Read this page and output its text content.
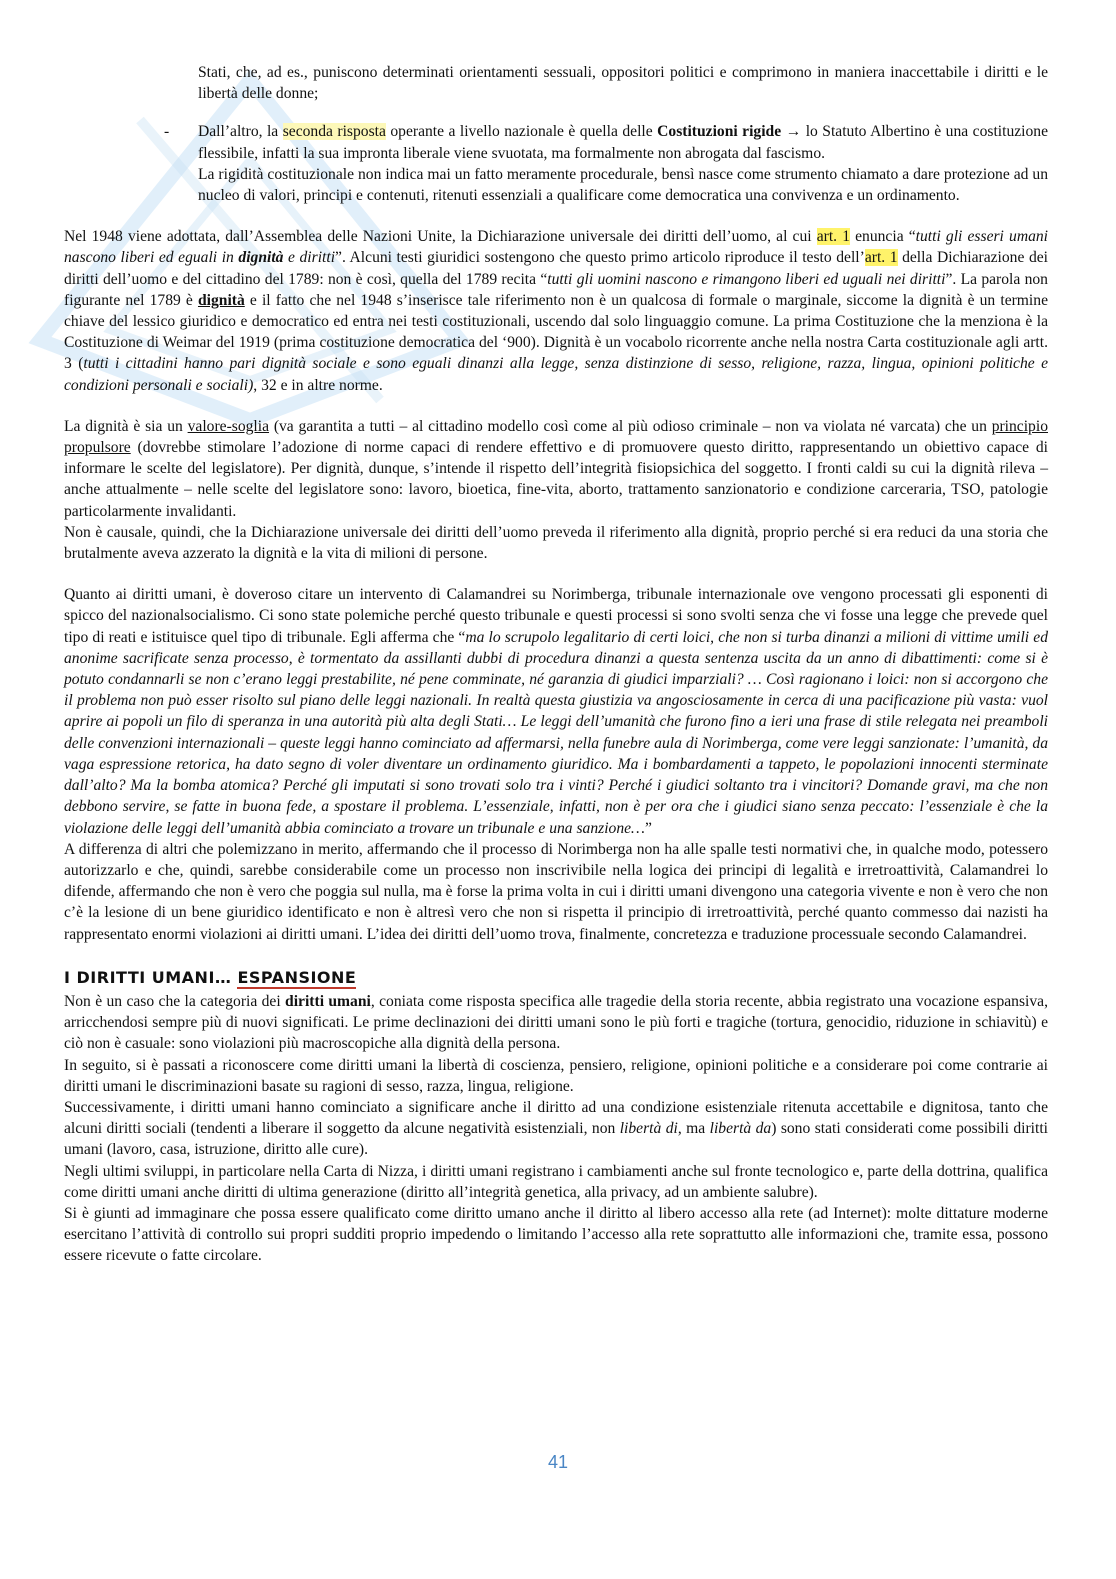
Stati, che, ad es., puniscono determinati orientamenti sessuali, oppositori politici e comprimono in maniera inaccettabile i diritti e le libertà delle donne;

- Dall’altro, la seconda risposta operante a livello nazionale è quella delle Costituzioni rigide → lo Statuto Albertino è una costituzione flessibile, infatti la sua impronta liberale viene svuotata, ma formalmente non abrogata dal fascismo.

La rigidità costituzionale non indica mai un fatto meramente procedurale, bensì nasce come strumento chiamato a dare protezione ad un nucleo di valori, principi e contenuti, ritenuti essenziali a qualificare come democratica una convivenza e un ordinamento.

Nel 1948 viene adottata, dall’Assemblea delle Nazioni Unite, la Dichiarazione universale dei diritti dell’uomo, al cui art. 1 enuncia “tutti gli esseri umani nascono liberi ed eguali in dignità e diritti”. Alcuni testi giuridici sostengono che questo primo articolo riproduce il testo dell’art. 1 della Dichiarazione dei diritti dell’uomo e del cittadino del 1789: non è così, quella del 1789 recita “tutti gli uomini nascono e rimangono liberi ed uguali nei diritti”. La parola non figurante nel 1789 è dignità e il fatto che nel 1948 s’inserisce tale riferimento non è un qualcosa di formale o marginale, siccome la dignità è un termine chiave del lessico giuridico e democratico ed entra nei testi costituzionali, uscendo dal solo linguaggio comune. La prima Costituzione che la menziona è la Costituzione di Weimar del 1919 (prima costituzione democratica del ‘900). Dignità è un vocabolo ricorrente anche nella nostra Carta costituzionale agli artt. 3 (tutti i cittadini hanno pari dignità sociale e sono eguali dinanzi alla legge, senza distinzione di sesso, religione, razza, lingua, opinioni politiche e condizioni personali e sociali), 32 e in altre norme.

La dignità è sia un valore-soglia (va garantita a tutti – al cittadino modello così come al più odioso criminale – non va violata né varcata) che un principio propulsore (dovrebbe stimolare l’adozione di norme capaci di rendere effettivo e di promuovere questo diritto, rappresentando un obiettivo capace di informare le scelte del legislatore). Per dignità, dunque, s’intende il rispetto dell’integrità fisiopsichica del soggetto. I fronti caldi su cui la dignità rileva – anche attualmente – nelle scelte del legislatore sono: lavoro, bioetica, fine-vita, aborto, trattamento sanzionatorio e condizione carceraria, TSO, patologie particolarmente invalidanti.

Non è causale, quindi, che la Dichiarazione universale dei diritti dell’uomo preveda il riferimento alla dignità, proprio perché si era reduci da una storia che brutalmente aveva azzerato la dignità e la vita di milioni di persone.

Quanto ai diritti umani, è doveroso citare un intervento di Calamandrei su Norimberga, tribunale internazionale ove vengono processati gli esponenti di spicco del nazionalsocialismo. Ci sono state polemiche perché questo tribunale e questi processi si sono svolti senza che vi fosse una legge che prevede quel tipo di reati e istituisce quel tipo di tribunale. Egli afferma che “ma lo scrupolo legalitario di certi loici, che non si turba dinanzi a milioni di vittime umili ed anonime sacrificate senza processo, è tormentato da assillanti dubbi di procedura dinanzi a questa sentenza uscita da un anno di dibattimenti: come si è potuto condannarli se non c’erano leggi prestabilite, né pene comminate, né garanzia di giudici imparziali? … Così ragionano i loici: non si accorgono che il problema non può esser risolto sul piano delle leggi nazionali. In realtà questa giustizia va angosciosamente in cerca di una pacificazione più vasta: vuol aprire ai popoli un filo di speranza in una autorità più alta degli Stati… Le leggi dell’umanità che furono fino a ieri una frase di stile relegata nei preamboli delle convenzioni internazionali – queste leggi hanno cominciato ad affermarsi, nella funebre aula di Norimberga, come vere leggi sanzionate: l’umanità, da vaga espressione retorica, ha dato segno di voler diventare un ordinamento giuridico. Ma i bombardamenti a tappeto, le popolazioni innocenti sterminate dall’alto? Ma la bomba atomica? Perché gli imputati si sono trovati solo tra i vinti? Perché i giudici soltanto tra i vincitori? Domande gravi, ma che non debbono servire, se fatte in buona fede, a spostare il problema. L’essenziale, infatti, non è per ora che i giudici siano senza peccato: l’essenziale è che la violazione delle leggi dell’umanità abbia cominciato a trovare un tribunale e una sanzione…”

A differenza di altri che polemizzano in merito, affermando che il processo di Norimberga non ha alle spalle testi normativi che, in qualche modo, potessero autorizzarlo e che, quindi, sarebbe considerabile come un processo non inscrivibile nella logica dei principi di legalità e irretroattività, Calamandrei lo difende, affermando che non è vero che poggia sul nulla, ma è forse la prima volta in cui i diritti umani divengono una categoria vivente e non è vero che non c’è la lesione di un bene giuridico identificato e non è altresì vero che non si rispetta il principio di irretroattività, perché quanto commesso dai nazisti ha rappresentato enormi violazioni ai diritti umani. L’idea dei diritti dell’uomo trova, finalmente, concretezza e traduzione processuale secondo Calamandrei.

I DIRITTI UMANI… ESPANSIONE

Non è un caso che la categoria dei diritti umani, coniata come risposta specifica alle tragedie della storia recente, abbia registrato una vocazione espansiva, arricchendosi sempre più di nuovi significati. Le prime declinazioni dei diritti umani sono le più forti e tragiche (tortura, genocidio, riduzione in schiavitù) e ciò non è casuale: sono violazioni più macroscopiche alla dignità della persona.

In seguito, si è passati a riconoscere come diritti umani la libertà di coscienza, pensiero, religione, opinioni politiche e a considerare poi come contrarie ai diritti umani le discriminazioni basate su ragioni di sesso, razza, lingua, religione.

Successivamente, i diritti umani hanno cominciato a significare anche il diritto ad una condizione esistenziale ritenuta accettabile e dignitosa, tanto che alcuni diritti sociali (tendenti a liberare il soggetto da alcune negatività esistenziali, non libertà di, ma libertà da) sono stati considerati come possibili diritti umani (lavoro, casa, istruzione, diritto alle cure).

Negli ultimi sviluppi, in particolare nella Carta di Nizza, i diritti umani registrano i cambiamenti anche sul fronte tecnologico e, parte della dottrina, qualifica come diritti umani anche diritti di ultima generazione (diritto all’integrità genetica, alla privacy, ad un ambiente salubre).

Si è giunti ad immaginare che possa essere qualificato come diritto umano anche il diritto al libero accesso alla rete (ad Internet): molte dittature moderne esercitano l’attività di controllo sui propri sudditi proprio impedendo o limitando l’accesso alla rete soprattutto alle informazioni che, tramite essa, possono essere ricevute o fatte circolare.

41
